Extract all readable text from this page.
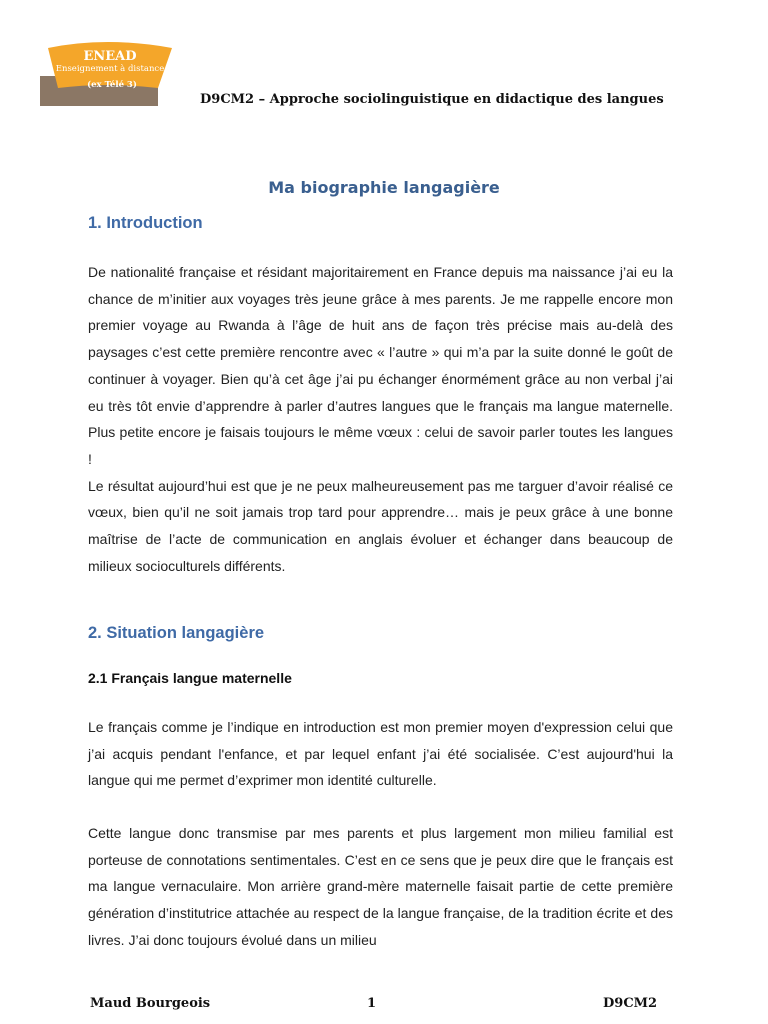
ENEAD
Enseignement à distance
(ex Télé 3)
D9CM2 – Approche sociolinguistique en didactique des langues
Ma biographie langagière
1. Introduction

De nationalité française et résidant majoritairement en France depuis ma naissance j’ai eu la chance de m’initier aux voyages très jeune grâce à mes parents. Je me rappelle encore mon premier voyage au Rwanda à l’âge de huit ans de façon très précise mais au-delà des paysages c’est cette première rencontre avec « l’autre » qui m’a par la suite donné le goût de continuer à voyager. Bien qu’à cet âge j’ai pu échanger énormément grâce au non verbal j’ai eu très tôt envie d’apprendre à parler d’autres langues que le français ma langue maternelle. Plus petite encore je faisais toujours le même vœux : celui de savoir parler toutes les langues !

Le résultat aujourd’hui est que je ne peux malheureusement pas me targuer d’avoir réalisé ce vœux, bien qu’il ne soit jamais trop tard pour apprendre… mais je peux grâce à une bonne maîtrise de l’acte de communication en anglais évoluer et échanger dans beaucoup de milieux socioculturels différents.

2. Situation langagière
2.1 Français langue maternelle
Le français comme je l’indique en introduction est mon premier moyen d'expression celui que j’ai acquis pendant l'enfance, et par lequel enfant j’ai été socialisée. C’est aujourd'hui la langue qui me permet d’exprimer mon identité culturelle.
Cette langue donc transmise par mes parents et plus largement mon milieu familial est porteuse de connotations sentimentales. C’est en ce sens que je peux dire que le français est ma langue vernaculaire. Mon arrière grand-mère maternelle faisait partie de cette première génération d’institutrice attachée au respect de la langue française, de la tradition écrite et des livres. J’ai donc toujours évolué dans un milieu
Maud Bourgeois	1	D9CM2
